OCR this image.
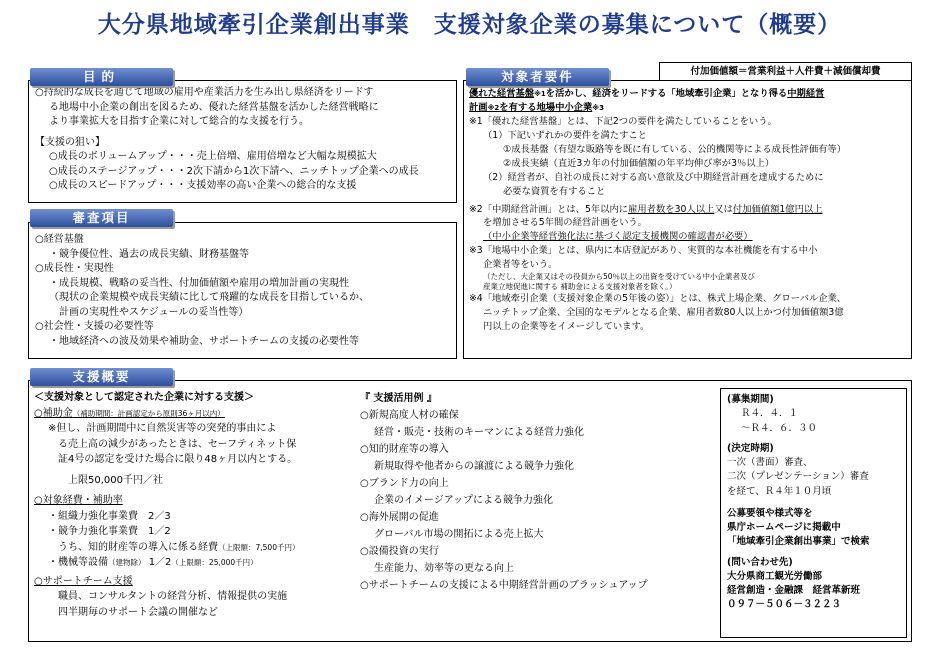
大分県地域牽引企業創出事業　支援対象企業の募集について（概要）
○持続的な成長を通じて地域の雇用や産業活力を生み出し県経済をリードす
る地場中小企業の創出を図るため、優れた経営基盤を活かした経営戦略に
より事業拡大を目指す企業に対して総合的な支援を行う。
【支援の狙い】
○成長のボリュームアップ・・・売上倍増、雇用倍増など大幅な規模拡大
○成長のステージアップ・・・2次下請から1次下請へ、ニッチトップ企業への成長
○成長のスピードアップ・・・支援効率の高い企業への総合的な支援
目的
○経営基盤
・競争優位性、過去の成長実績、財務基盤等
○成長性・実現性
・成長規模、戦略の妥当性、付加価値額や雇用の増加計画の実現性
（現状の企業規模や成長実績に比して飛躍的な成長を目指しているか、
　計画の実現性やスケジュールの妥当性等）
○社会性・支援の必要性等
・地域経済への波及効果や補助金、サポートチームの支援の必要性等
審査項目
付加価値額＝営業利益＋人件費＋減価償却費
優れた経営基盤※1を活かし、経済をリードする「地域牽引企業」となり得る中期経営
計画※2を有する地場中小企業※3
※1「優れた経営基盤」とは、下記2つの要件を満たしていることをいう。
（1）下記いずれかの要件を満たすこと
①成長基盤（有望な販路等を既に有している、公的機関等による成長性評価有等）
②成長実績（直近3カ年の付加価値額の年平均伸び率が3％以上）
（2）経営者が、自社の成長に対する高い意欲及び中期経営計画を達成するために
必要な資質を有すること
※2「中期経営計画」とは、5年以内に雇用者数を30人以上又は付加価値額1億円以上
を増加させる5年間の経営計画をいう。
（中小企業等経営強化法に基づく認定支援機関の確認書が必要）
※3「地場中小企業」とは、県内に本店登記があり、実質的な本社機能を有する中小
企業者等をいう。
（ただし、大企業又はその役員から50％以上の出資を受けている中小企業者及び
産業立地促進に関する 補助金による支援対象者を除く。）
※4「地域牽引企業（支援対象企業の5年後の姿）」とは、株式上場企業、グローバル企業、
ニッチトップ企業、全国的なモデルとなる企業、雇用者数80人以上かつ付加価値額3億
円以上の企業等をイメージしています。
対象者要件
支援概要
＜支援対象として認定された企業に対する支援＞
○補助金（補助期間：計画認定から原則36ヶ月以内）
※但し、計画期間中に自然災害等の突発的事由によ
る売上高の減少があったときは、セーフティネット保
証4号の認定を受けた場合に限り48ヶ月以内とする。
上限50,000千円／社
○対象経費・補助率
・組織力強化事業費　2／3
・競争力強化事業費　1／2
うち、知的財産等の導入に係る経費（上限額：7,500千円）
・機械等設備（建物除） 1／2（上限額：25,000千円）
○サポートチーム支援
職員、コンサルタントの経営分析、情報提供の実施
四半期毎のサポート会議の開催など
『 支援活用例 』
○新規高度人材の確保
経営・販売・技術のキーマンによる経営力強化
○知的財産等の導入
新規取得や他者からの譲渡による競争力強化
○ブランド力の向上
企業のイメージアップによる競争力強化
○海外展開の促進
グローバル市場の開拓による売上拡大
○設備投資の実行
生産能力、効率等の更なる向上
○サポートチームの支援による中期経営計画のブラッシュアップ
(募集期間)
Ｒ４．４．１
～Ｒ４．６．３０
(決定時期)
一次（書面）審査、
二次（プレゼンテーション）審査
を経て、Ｒ４年１０月頃
公募要領や様式等を
県庁ホームページに掲載中
「地域牽引企業創出事業」で検索
(問い合わせ先)
大分県商工観光労働部
経営創造・金融課　経営革新班
０９７－５０６－３２２３
